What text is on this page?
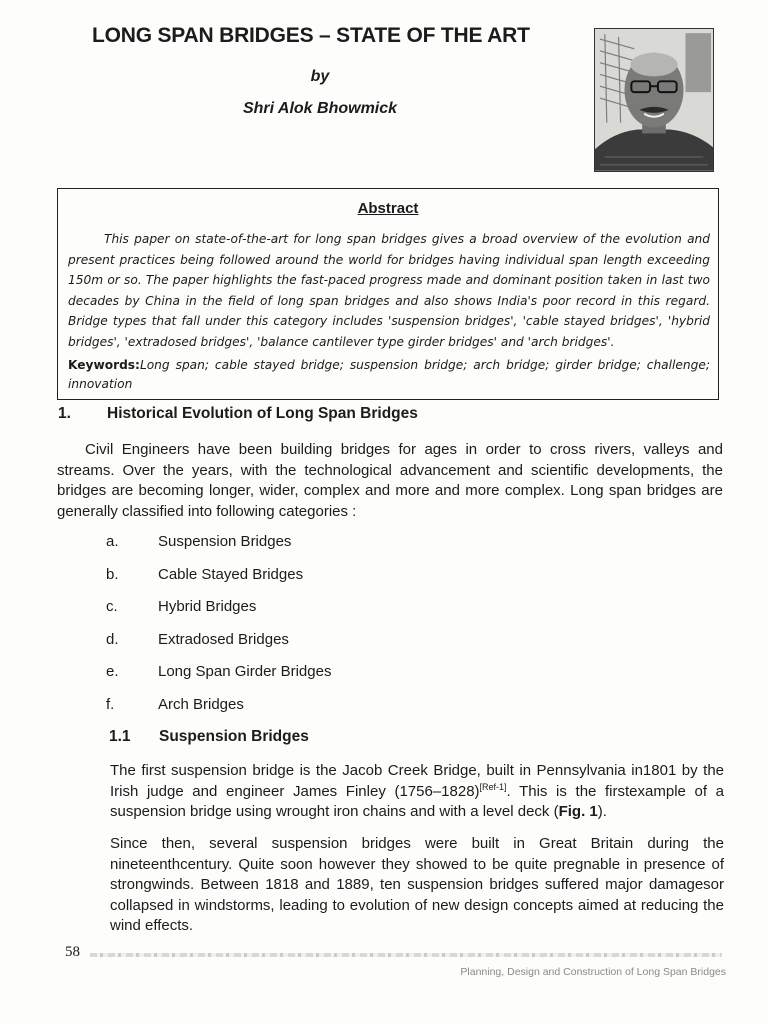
LONG SPAN BRIDGES – STATE OF THE ART
by
Shri Alok Bhowmick
Abstract
This paper on state-of-the-art for long span bridges gives a broad overview of the evolution and present practices being followed around the world for bridges having individual span length exceeding 150m or so. The paper highlights the fast-paced progress made and dominant position taken in last two decades by China in the field of long span bridges and also shows India's poor record in this regard. Bridge types that fall under this category includes 'suspension bridges', 'cable stayed bridges', 'hybrid bridges', 'extradosed bridges', 'balance cantilever type girder bridges' and 'arch bridges'.
Keywords:Long span; cable stayed bridge; suspension bridge; arch bridge; girder bridge; challenge; innovation
1. Historical Evolution of Long Span Bridges
Civil Engineers have been building bridges for ages in order to cross rivers, valleys and streams. Over the years, with the technological advancement and scientific developments, the bridges are becoming longer, wider, complex and more and more complex. Long span bridges are generally classified into following categories :
a.	Suspension Bridges
b.	Cable Stayed Bridges
c.	Hybrid Bridges
d.	Extradosed Bridges
e.	Long Span Girder Bridges
f.	Arch Bridges
1.1 Suspension Bridges
The first suspension bridge is the Jacob Creek Bridge, built in Pennsylvania in1801 by the Irish judge and engineer James Finley (1756–1828)[Ref-1]. This is the firstexample of a suspension bridge using wrought iron chains and with a level deck (Fig. 1).
Since then, several suspension bridges were built in Great Britain during the nineteenthcentury. Quite soon however they showed to be quite pregnable in presence of strongwinds. Between 1818 and 1889, ten suspension bridges suffered major damagesor collapsed in windstorms, leading to evolution of new design concepts aimed at reducing the wind effects.
58
Planning, Design and Construction of Long Span Bridges
